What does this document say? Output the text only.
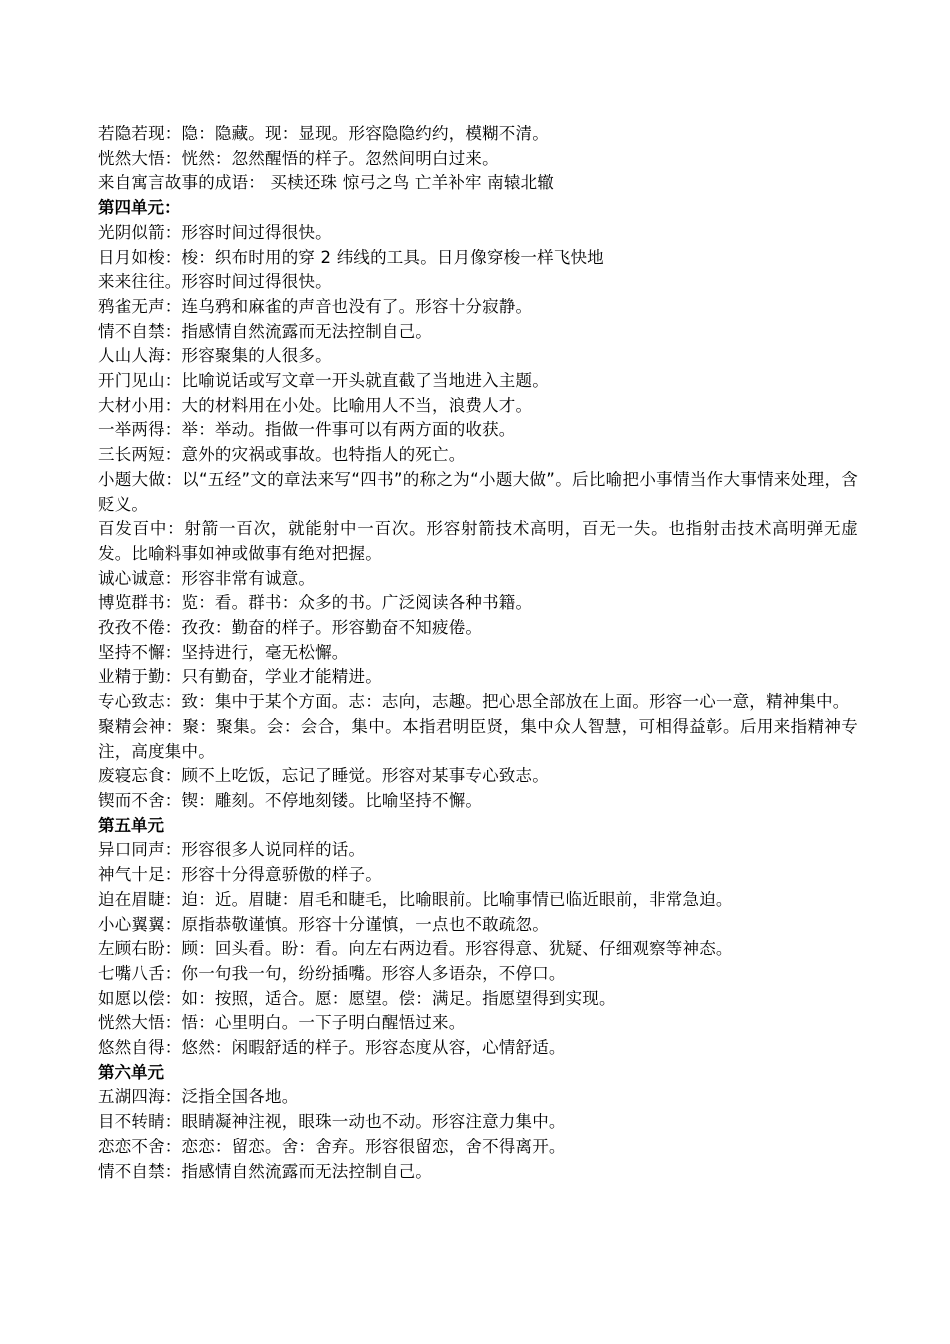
若隐若现：隐：隐藏。现：显现。形容隐隐约约，模糊不清。
恍然大悟：恍然：忽然醒悟的样子。忽然间明白过来。
来自寓言故事的成语： 买椟还珠 惊弓之鸟 亡羊补牢 南辕北辙
第四单元：
光阴似箭：形容时间过得很快。
日月如梭：梭：织布时用的穿 2 纬线的工具。日月像穿梭一样飞快地
来来往往。形容时间过得很快。
鸦雀无声：连乌鸦和麻雀的声音也没有了。形容十分寂静。
情不自禁：指感情自然流露而无法控制自己。
人山人海：形容聚集的人很多。
开门见山：比喻说话或写文章一开头就直截了当地进入主题。
大材小用：大的材料用在小处。比喻用人不当，浪费人才。
一举两得：举：举动。指做一件事可以有两方面的收获。
三长两短：意外的灾祸或事故。也特指人的死亡。
小题大做：以“五经”文的章法来写“四书”的称之为“小题大做”。后比喻把小事情当作大事情来处理，含贬义。
百发百中：射箭一百次，就能射中一百次。形容射箭技术高明，百无一失。也指射击技术高明弹无虚发。比喻料事如神或做事有绝对把握。
诚心诚意：形容非常有诚意。
博览群书：览：看。群书：众多的书。广泛阅读各种书籍。
孜孜不倦：孜孜：勤奋的样子。形容勤奋不知疲倦。
坚持不懈：坚持进行，毫无松懈。
业精于勤：只有勤奋，学业才能精进。
专心致志：致：集中于某个方面。志：志向，志趣。把心思全部放在上面。形容一心一意，精神集中。
聚精会神：聚：聚集。会：会合，集中。本指君明臣贤，集中众人智慧，可相得益彰。后用来指精神专注，高度集中。
废寝忘食：顾不上吃饭，忘记了睡觉。形容对某事专心致志。
锲而不舍：锲：雕刻。不停地刻镂。比喻坚持不懈。
第五单元
异口同声：形容很多人说同样的话。
神气十足：形容十分得意骄傲的样子。
迫在眉睫：迫：近。眉睫：眉毛和睫毛，比喻眼前。比喻事情已临近眼前，非常急迫。
小心翼翼：原指恭敬谨慎。形容十分谨慎，一点也不敢疏忽。
左顾右盼：顾：回头看。盼：看。向左右两边看。形容得意、犹疑、仔细观察等神态。
七嘴八舌：你一句我一句，纷纷插嘴。形容人多语杂，不停口。
如愿以偿：如：按照，适合。愿：愿望。偿：满足。指愿望得到实现。
恍然大悟：悟：心里明白。一下子明白醒悟过来。
悠然自得：悠然：闲暇舒适的样子。形容态度从容，心情舒适。
第六单元
五湖四海：泛指全国各地。
目不转睛：眼睛凝神注视，眼珠一动也不动。形容注意力集中。
恋恋不舍：恋恋：留恋。舍：舍弃。形容很留恋，舍不得离开。
情不自禁：指感情自然流露而无法控制自己。
